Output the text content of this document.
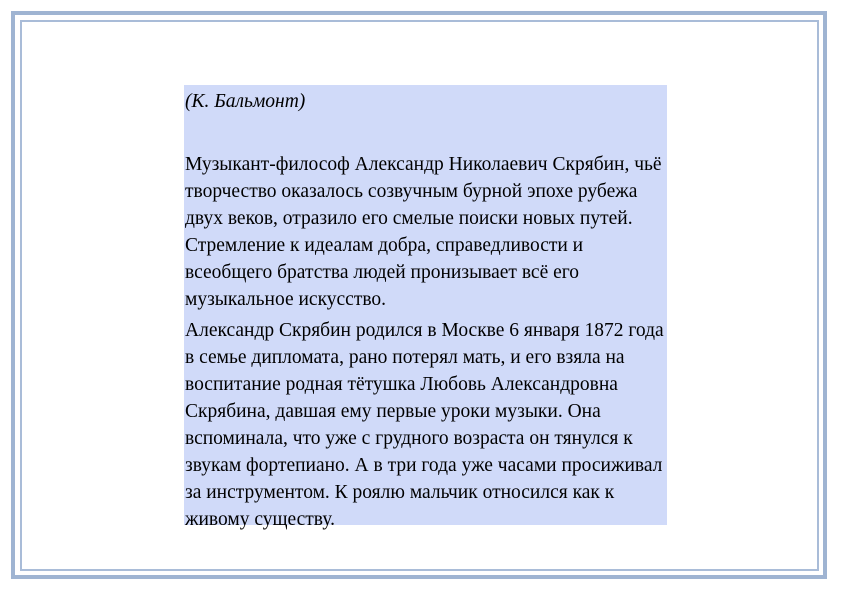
(К. Бальмонт)

Музыкант-философ Александр Николаевич Скрябин, чьё творчество оказалось созвучным бурной эпохе рубежа двух веков, отразило его смелые поиски новых путей. Стремление к идеалам добра, справедливости и всеобщего братства людей пронизывает всё его музыкальное искусство.

Александр Скрябин родился в Москве 6 января 1872 года в семье дипломата, рано потерял мать, и его взяла на воспитание родная тётушка Любовь Александровна Скрябина, давшая ему первые уроки музыки. Она вспоминала, что уже с грудного возраста он тянулся к звукам фортепиано. А в три года уже часами просиживал за инструментом. К роялю мальчик относился как к живому существу.
